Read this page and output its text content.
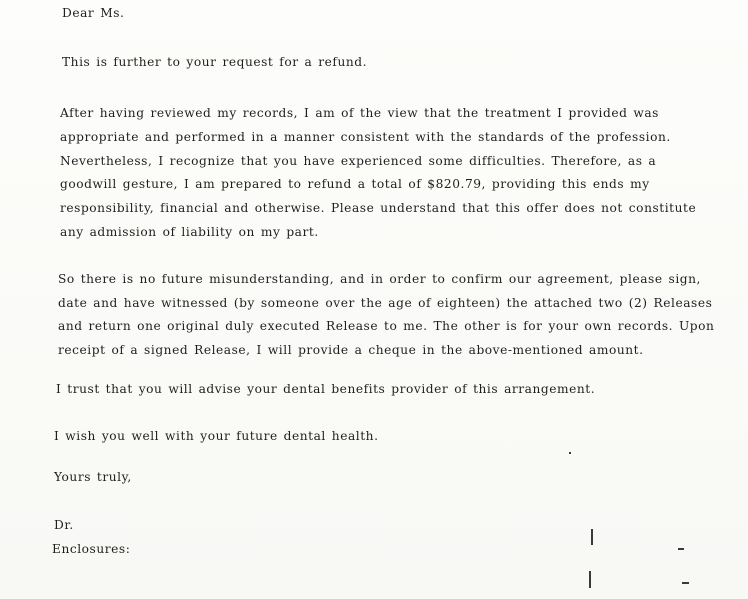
Dear Ms.
This is further to your request for a refund.
After having reviewed my records, I am of the view that the treatment I provided was
appropriate and performed in a manner consistent with the standards of the profession.
Nevertheless, I recognize that you have experienced some difficulties. Therefore, as a
goodwill gesture, I am prepared to refund a total of $820.79, providing this ends my
responsibility, financial and otherwise. Please understand that this offer does not constitute
any admission of liability on my part.
So there is no future misunderstanding, and in order to confirm our agreement, please sign,
date and have witnessed (by someone over the age of eighteen) the attached two (2) Releases
and return one original duly executed Release to me. The other is for your own records. Upon
receipt of a signed Release, I will provide a cheque in the above-mentioned amount.
I trust that you will advise your dental benefits provider of this arrangement.
I wish you well with your future dental health.
Yours truly,
Dr.
Enclosures:
